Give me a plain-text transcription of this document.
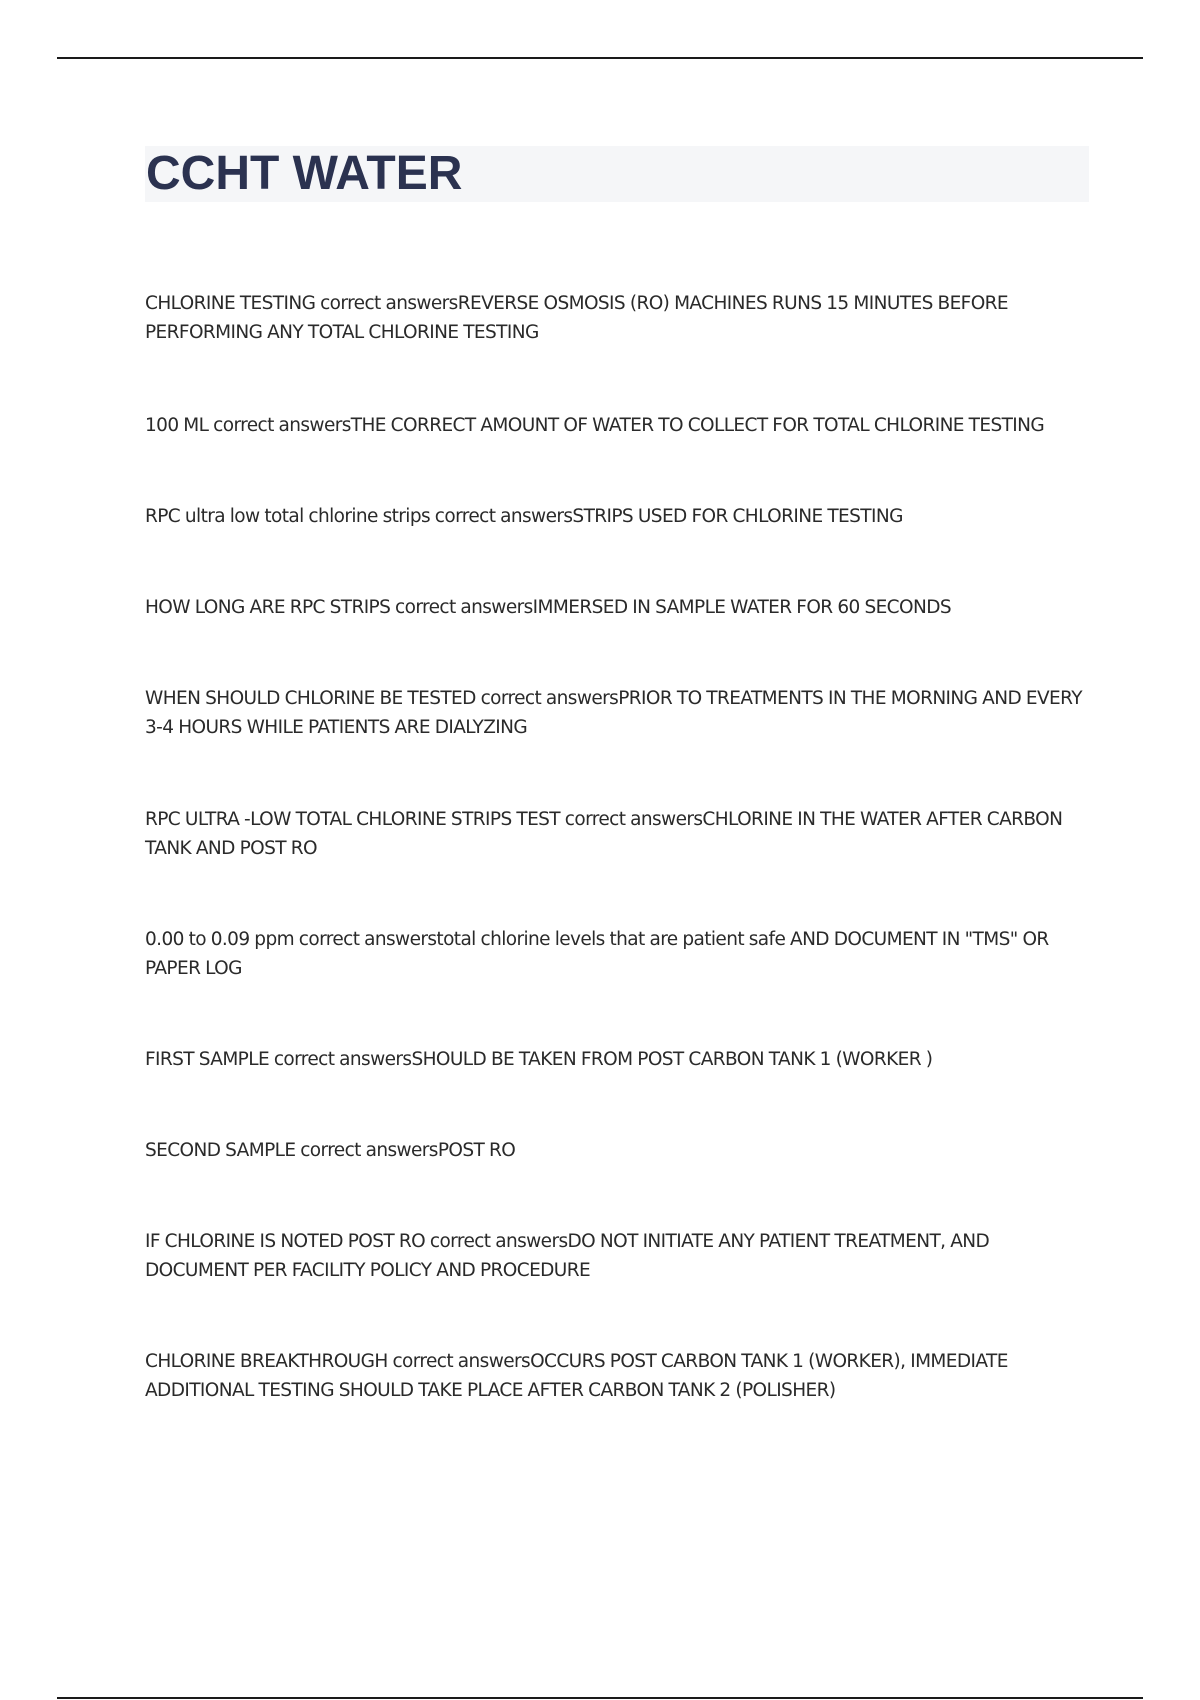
CCHT WATER
CHLORINE TESTING correct answersREVERSE OSMOSIS (RO) MACHINES RUNS 15 MINUTES BEFORE PERFORMING ANY TOTAL CHLORINE TESTING
100 ML correct answersTHE CORRECT AMOUNT OF WATER TO COLLECT FOR TOTAL CHLORINE TESTING
RPC ultra low total chlorine strips correct answersSTRIPS USED FOR CHLORINE TESTING
HOW LONG ARE RPC STRIPS correct answersIMMERSED IN SAMPLE WATER FOR 60 SECONDS
WHEN SHOULD CHLORINE BE TESTED correct answersPRIOR TO TREATMENTS IN THE MORNING AND EVERY 3-4 HOURS WHILE PATIENTS ARE DIALYZING
RPC ULTRA -LOW TOTAL CHLORINE STRIPS TEST correct answersCHLORINE IN THE WATER AFTER CARBON TANK AND POST RO
0.00 to 0.09 ppm correct answerstotal chlorine levels that are patient safe AND DOCUMENT IN "TMS" OR PAPER LOG
FIRST SAMPLE correct answersSHOULD BE TAKEN FROM POST CARBON TANK 1 (WORKER )
SECOND SAMPLE correct answersPOST RO
IF CHLORINE IS NOTED POST RO correct answersDO NOT INITIATE ANY PATIENT TREATMENT, AND DOCUMENT PER FACILITY POLICY AND PROCEDURE
CHLORINE BREAKTHROUGH correct answersOCCURS POST CARBON TANK 1 (WORKER), IMMEDIATE ADDITIONAL TESTING SHOULD TAKE PLACE AFTER CARBON TANK 2 (POLISHER)
